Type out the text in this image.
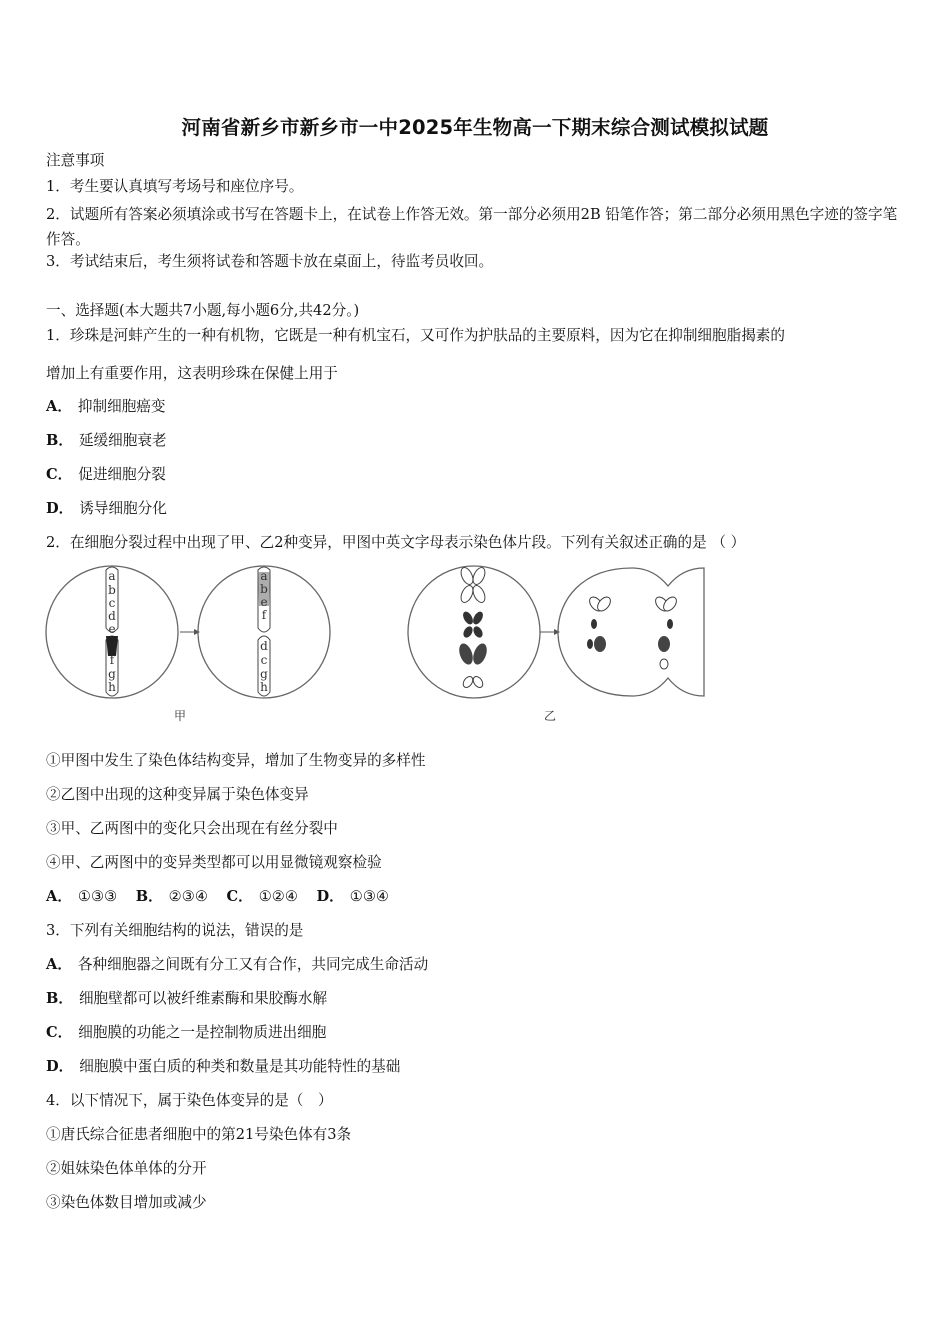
河南省新乡市新乡市一中2025年生物高一下期末综合测试模拟试题
注意事项
1．考生要认真填写考场号和座位序号。
2．试题所有答案必须填涂或书写在答题卡上，在试卷上作答无效。第一部分必须用2B 铅笔作答；第二部分必须用黑色字迹的签字笔作答。
3．考试结束后，考生须将试卷和答题卡放在桌面上，待监考员收回。
一、选择题(本大题共7小题,每小题6分,共42分。)
1．珍珠是河蚌产生的一种有机物，它既是一种有机宝石，又可作为护肤品的主要原料，因为它在抑制细胞脂揭素的
增加上有重要作用，这表明珍珠在保健上用于
A． 抑制细胞癌变
B． 延缓细胞衰老
C． 促进细胞分裂
D． 诱导细胞分化
2．在细胞分裂过程中出现了甲、乙2种变异，甲图中英文字母表示染色体片段。下列有关叙述正确的是 （ ）
a
b
c
d
e
f
g
h
a
b
e
f
d
c
g
h
甲	乙
①甲图中发生了染色体结构变异，增加了生物变异的多样性
②乙图中出现的这种变异属于染色体变异
③甲、乙两图中的变化只会出现在有丝分裂中
④甲、乙两图中的变异类型都可以用显微镜观察检验
A． ①③③ B． ②③④ C． ①②④ D． ①③④
3．下列有关细胞结构的说法，错误的是
A． 各种细胞器之间既有分工又有合作，共同完成生命活动
B． 细胞壁都可以被纤维素酶和果胶酶水解
C． 细胞膜的功能之一是控制物质进出细胞
D． 细胞膜中蛋白质的种类和数量是其功能特性的基础
4．以下情况下，属于染色体变异的是（　）
①唐氏综合征患者细胞中的第21号染色体有3条
②姐妹染色体单体的分开
③染色体数目增加或减少
